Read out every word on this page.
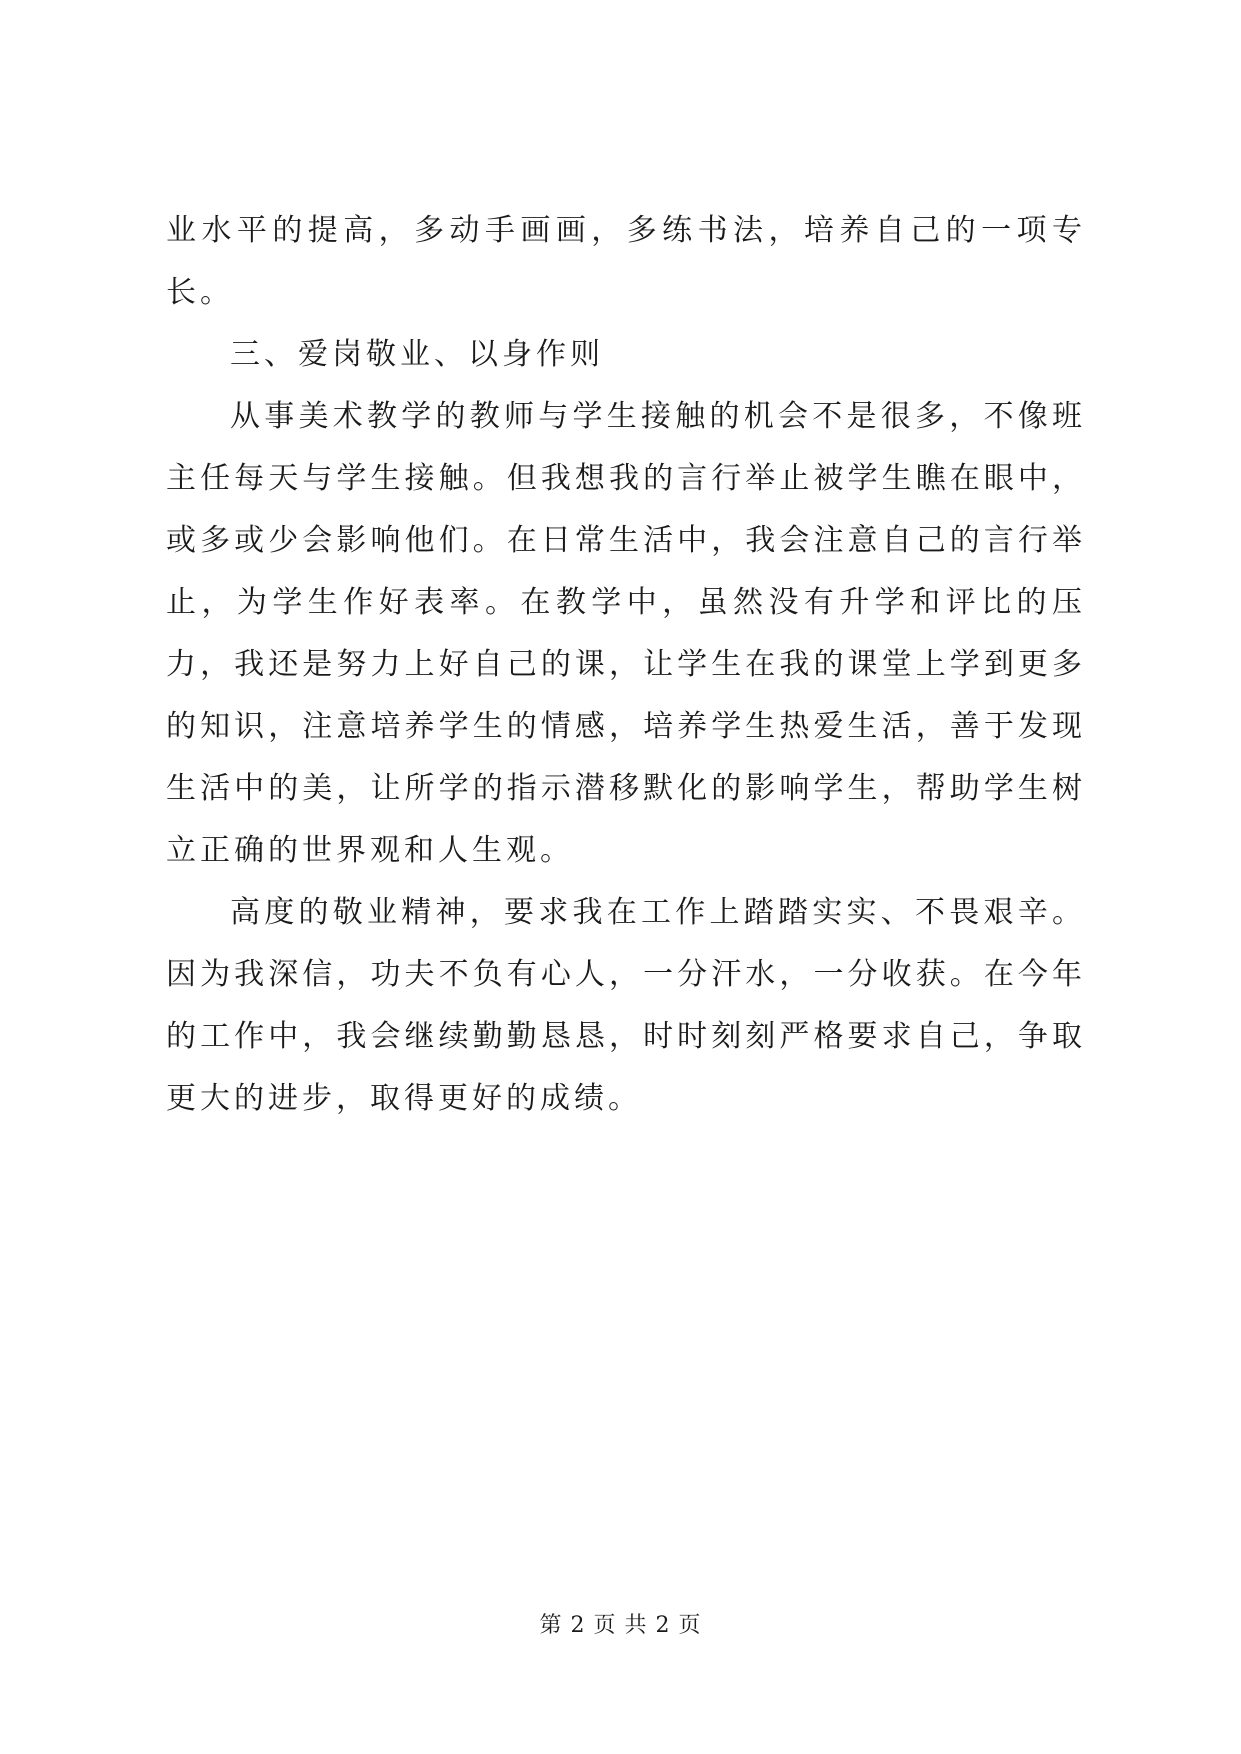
业水平的提高，多动手画画，多练书法，培养自己的一项专长。

三、爱岗敬业、以身作则

从事美术教学的教师与学生接触的机会不是很多，不像班主任每天与学生接触。但我想我的言行举止被学生瞧在眼中，或多或少会影响他们。在日常生活中，我会注意自己的言行举止，为学生作好表率。在教学中，虽然没有升学和评比的压力，我还是努力上好自己的课，让学生在我的课堂上学到更多的知识，注意培养学生的情感，培养学生热爱生活，善于发现生活中的美，让所学的指示潜移默化的影响学生，帮助学生树立正确的世界观和人生观。

高度的敬业精神，要求我在工作上踏踏实实、不畏艰辛。因为我深信，功夫不负有心人，一分汗水，一分收获。在今年的工作中，我会继续勤勤恳恳，时时刻刻严格要求自己，争取更大的进步，取得更好的成绩。

第 2 页 共 2 页
